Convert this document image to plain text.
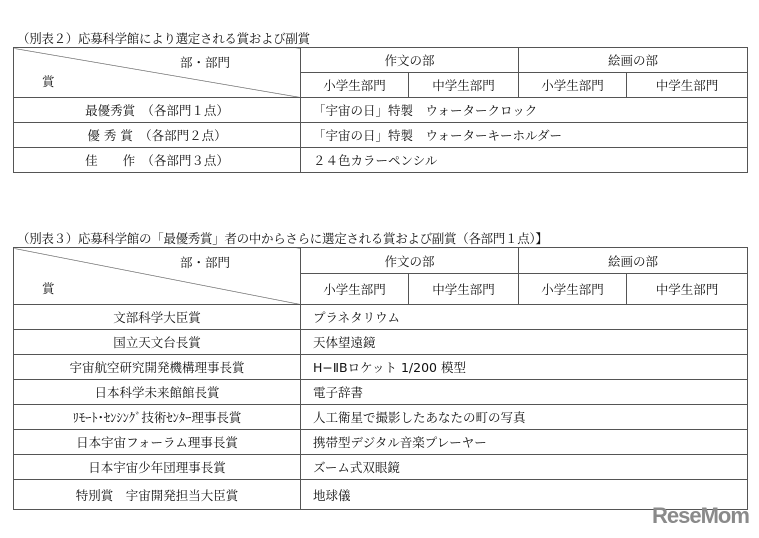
（別表２）応募科学館により選定される賞および副賞
部・部門
賞	作文の部		絵画の部	
	小学生部門	中学生部門	小学生部門	中学生部門
最優秀賞　（各部門１点）	「宇宙の日」特製　ウォータークロック			
優 秀 賞　（各部門２点）	「宇宙の日」特製　ウォーターキーホルダー			
佳　　作　（各部門３点）	２４色カラーペンシル			
（別表３）応募科学館の「最優秀賞」者の中からさらに選定される賞および副賞（各部門１点）】
部・部門
賞	作文の部		絵画の部	
	小学生部門	中学生部門	小学生部門	中学生部門
文部科学大臣賞	プラネタリウム			
国立天文台長賞	天体望遠鏡			
宇宙航空研究開発機構理事長賞	H−ⅡBロケット 1/200 模型			
日本科学未来館館長賞	電子辞書			
ﾘﾓｰﾄ･ｾﾝｼﾝｸﾞ技術ｾﾝﾀｰ理事長賞	人工衛星で撮影したあなたの町の写真			
日本宇宙フォーラム理事長賞	携帯型デジタル音楽プレーヤー			
日本宇宙少年団理事長賞	ズーム式双眼鏡			
特別賞　宇宙開発担当大臣賞	地球儀			
ReseMom
